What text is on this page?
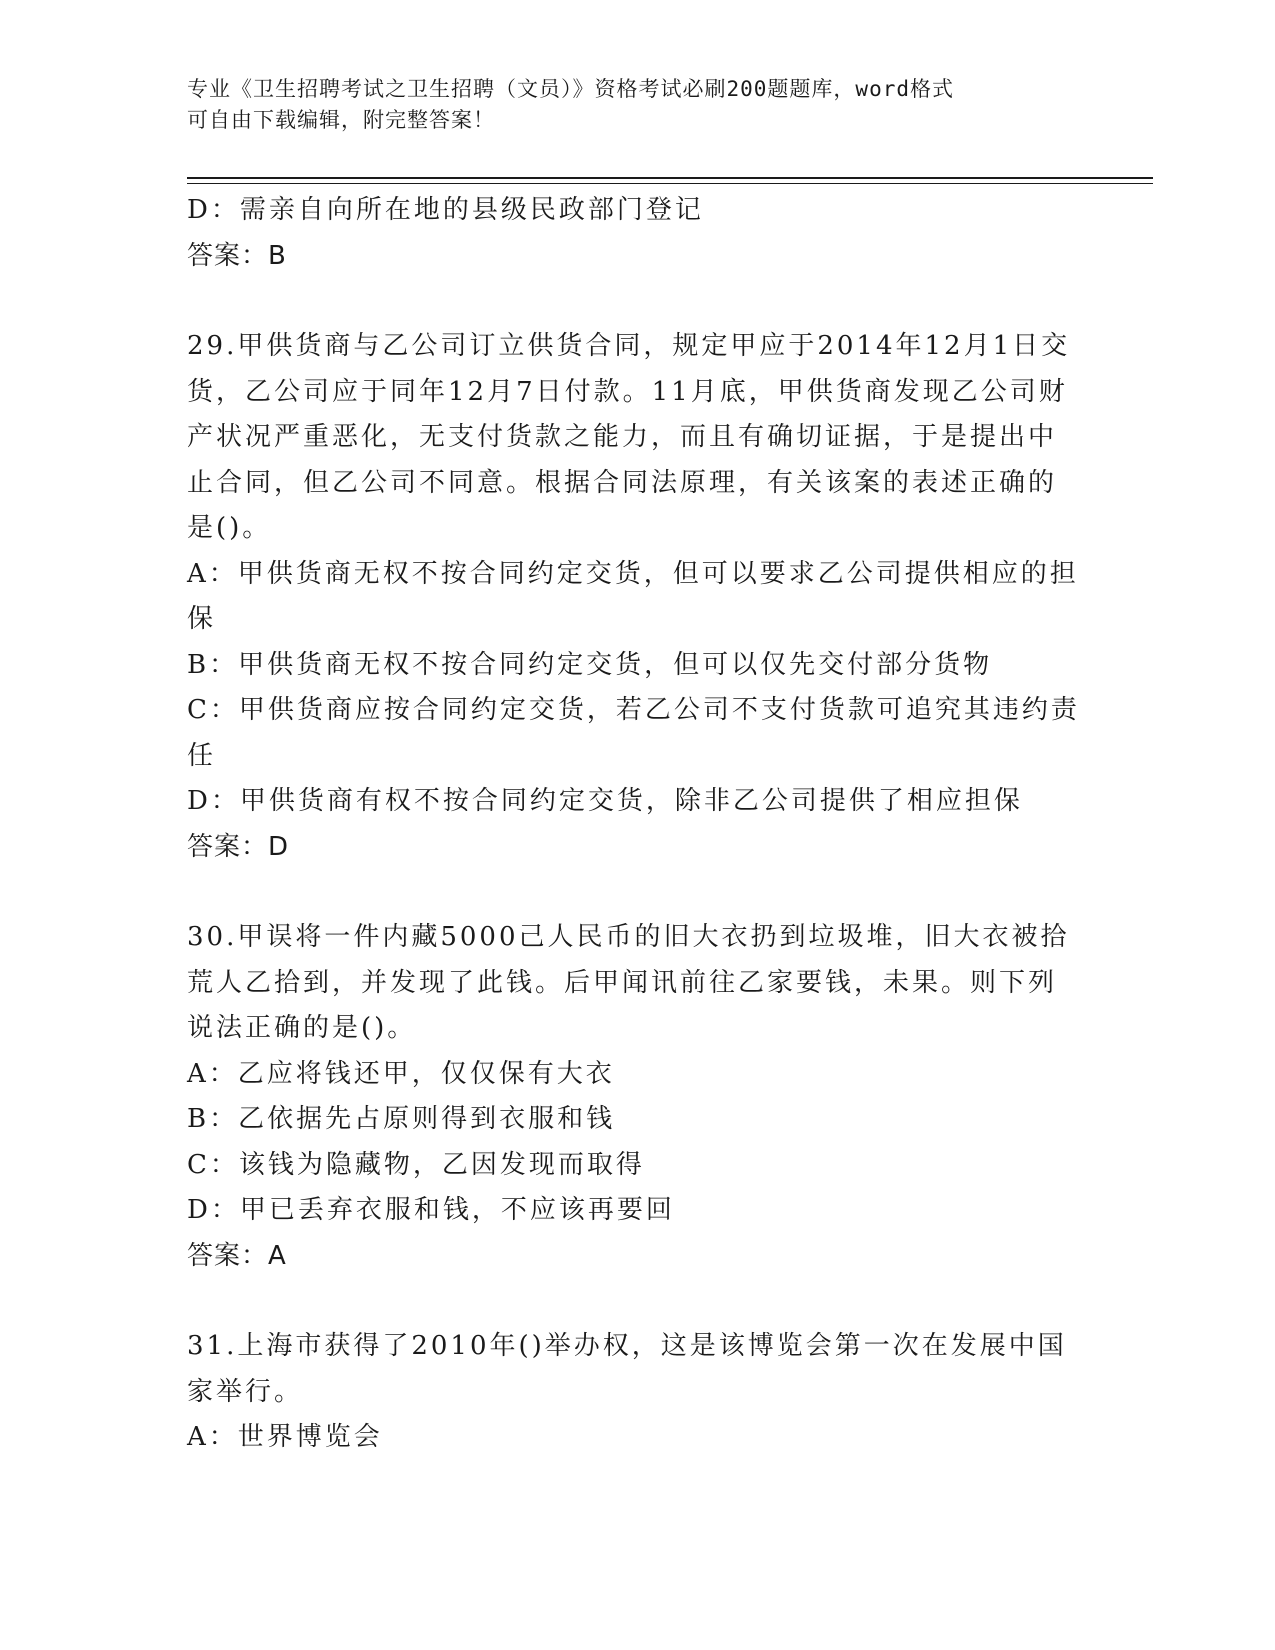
专业《卫生招聘考试之卫生招聘（文员）》资格考试必刷200题题库，word格式
可自由下载编辑，附完整答案！
D：需亲自向所在地的县级民政部门登记
答案：B
29.甲供货商与乙公司订立供货合同，规定甲应于2014年12月1日交
货，乙公司应于同年12月7日付款。11月底，甲供货商发现乙公司财
产状况严重恶化，无支付货款之能力，而且有确切证据，于是提出中
止合同，但乙公司不同意。根据合同法原理，有关该案的表述正确的
是()。
A：甲供货商无权不按合同约定交货，但可以要求乙公司提供相应的担
保
B：甲供货商无权不按合同约定交货，但可以仅先交付部分货物
C：甲供货商应按合同约定交货，若乙公司不支付货款可追究其违约责
任
D：甲供货商有权不按合同约定交货，除非乙公司提供了相应担保
答案：D
30.甲误将一件内藏5000己人民币的旧大衣扔到垃圾堆，旧大衣被拾
荒人乙拾到，并发现了此钱。后甲闻讯前往乙家要钱，未果。则下列
说法正确的是()。
A：乙应将钱还甲，仅仅保有大衣
B：乙依据先占原则得到衣服和钱
C：该钱为隐藏物，乙因发现而取得
D：甲已丢弃衣服和钱，不应该再要回
答案：A
31.上海市获得了2010年()举办权，这是该博览会第一次在发展中国
家举行。
A：世界博览会
